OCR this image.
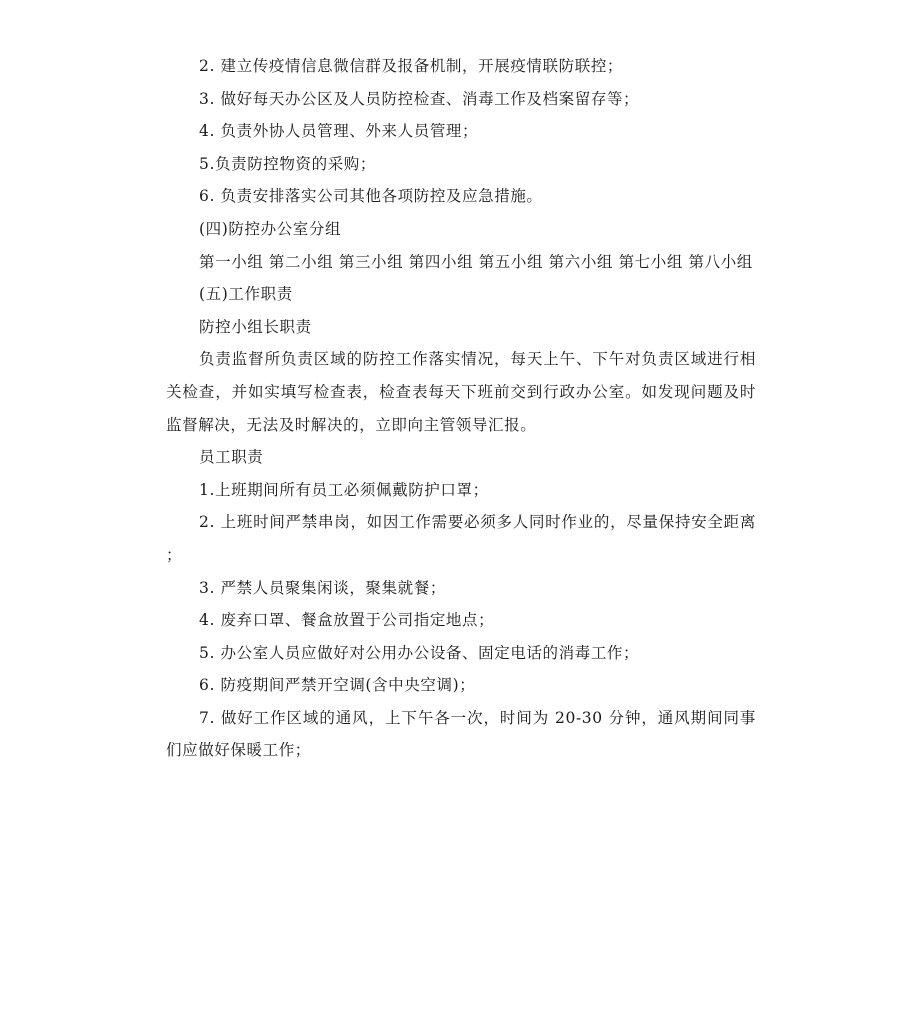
2. 建立传疫情信息微信群及报备机制，开展疫情联防联控；

3. 做好每天办公区及人员防控检查、消毒工作及档案留存等；

4. 负责外协人员管理、外来人员管理；

5.负责防控物资的采购；

6. 负责安排落实公司其他各项防控及应急措施。

(四)防控办公室分组

第一小组 第二小组 第三小组 第四小组 第五小组 第六小组 第七小组 第八小组

(五)工作职责

防控小组长职责

负责监督所负责区域的防控工作落实情况，每天上午、下午对负责区域进行相关检查，并如实填写检查表，检查表每天下班前交到行政办公室。如发现问题及时监督解决，无法及时解决的，立即向主管领导汇报。

员工职责

1.上班期间所有员工必须佩戴防护口罩；

2. 上班时间严禁串岗，如因工作需要必须多人同时作业的，尽量保持安全距离 ；

3. 严禁人员聚集闲谈，聚集就餐；

4. 废弃口罩、餐盒放置于公司指定地点；

5. 办公室人员应做好对公用办公设备、固定电话的消毒工作；

6. 防疫期间严禁开空调(含中央空调)；

7. 做好工作区域的通风，上下午各一次，时间为 20-30 分钟，通风期间同事们应做好保暖工作；
